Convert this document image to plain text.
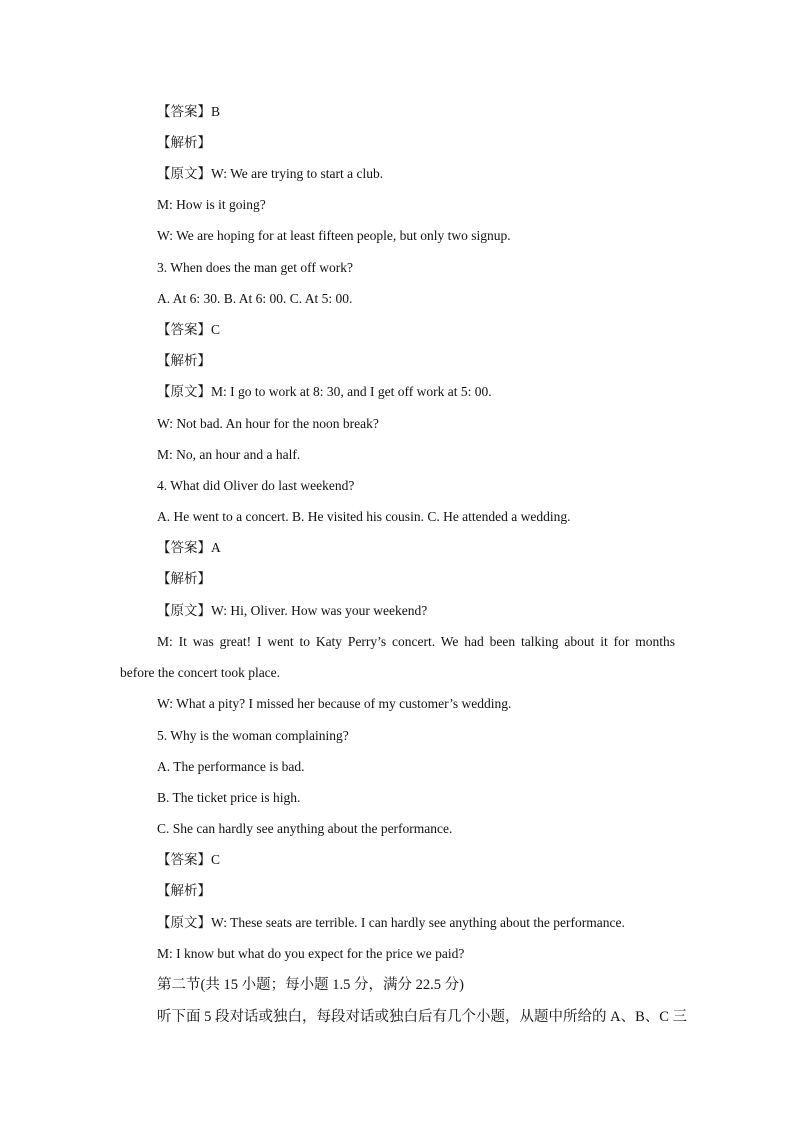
【答案】B
【解析】
【原文】W: We are trying to start a club.
M: How is it going?
W: We are hoping for at least fifteen people, but only two signup.
3. When does the man get off work?
A. At 6: 30. B. At 6: 00. C. At 5: 00.
【答案】C
【解析】
【原文】M: I go to work at 8: 30, and I get off work at 5: 00.
W: Not bad. An hour for the noon break?
M: No, an hour and a half.
4. What did Oliver do last weekend?
A. He went to a concert. B. He visited his cousin. C. He attended a wedding.
【答案】A
【解析】
【原文】W: Hi, Oliver. How was your weekend?
M: It was great! I went to Katy Perry’s concert. We had been talking about it for months
before the concert took place.
W: What a pity? I missed her because of my customer’s wedding.
5. Why is the woman complaining?
A. The performance is bad.
B. The ticket price is high.
C. She can hardly see anything about the performance.
【答案】C
【解析】
【原文】W: These seats are terrible. I can hardly see anything about the performance.
M: I know but what do you expect for the price we paid?
第二节(共 15 小题；每小题 1.5 分，满分 22.5 分)
听下面 5 段对话或独白，每段对话或独白后有几个小题，从题中所给的 A、B、C 三
